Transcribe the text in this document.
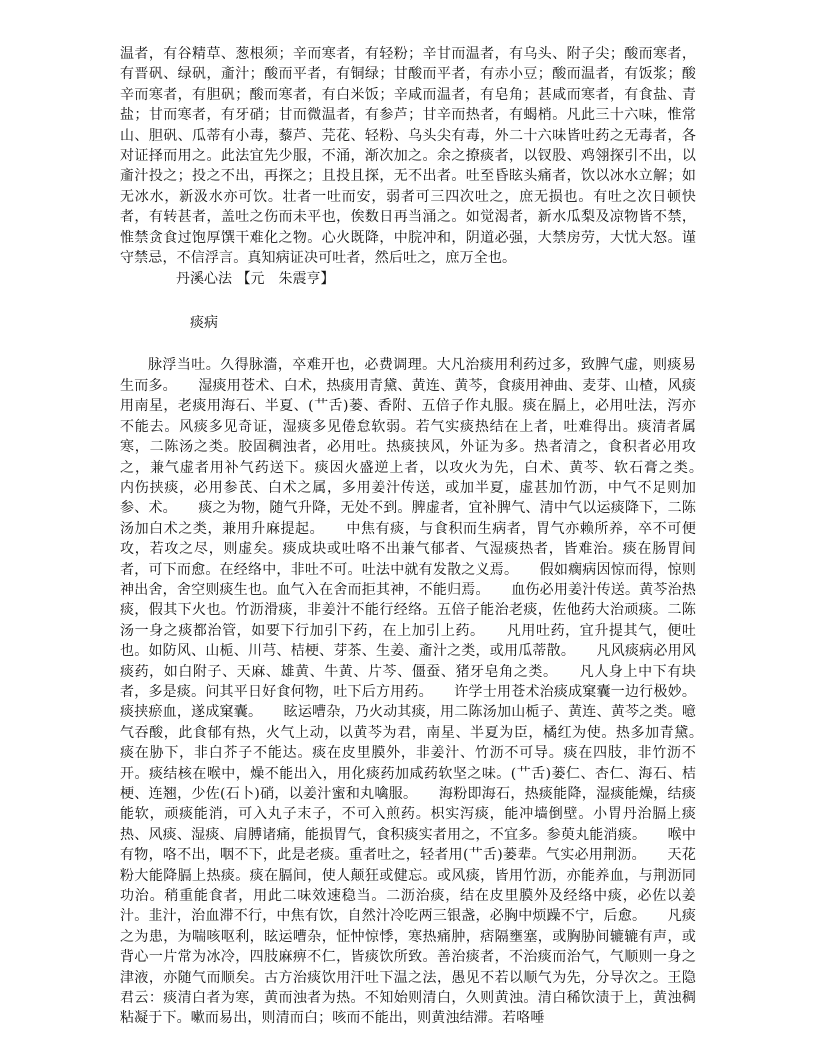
温者，有谷精草、葱根须；辛而寒者，有轻粉；辛甘而温者，有乌头、附子尖；酸而寒者，有晋矾、绿矾，齑汁；酸而平者，有铜绿；甘酸而平者，有赤小豆；酸而温者，有饭浆；酸辛而寒者，有胆矾；酸而寒者，有白米饭；辛咸而温者，有皂角；甚咸而寒者，有食盐、青盐；甘而寒者，有牙硝；甘而微温者，有参芦；甘辛而热者，有蝎梢。凡此三十六味，惟常山、胆矾、瓜蒂有小毒，藜芦、芫花、轻粉、乌头尖有毒，外二十六味皆吐药之无毒者，各对证择而用之。此法宜先少服，不涌，渐次加之。余之撩痰者，以钗股、鸡翎探引不出，以齑汁投之；投之不出，再探之；且投且探，无不出者。吐至昏眩头痛者，饮以冰水立解；如无冰水，新汲水亦可饮。壮者一吐而安，弱者可三四次吐之，庶无损也。有吐之次日顿快者，有转甚者，盖吐之伤而未平也，俟数日再当涌之。如觉渴者，新水瓜梨及凉物皆不禁，惟禁贪食过饱厚馔干难化之物。心火既降，中脘冲和，阴道必强，大禁房劳，大忧大怒。谨守禁忌，不信浮言。真知病证决可吐者，然后吐之，庶万全也。

丹溪心法 【元　朱震亨】

痰病

脉浮当吐。久得脉濇，卒难开也，必费调理。大凡治痰用利药过多，致脾气虚，则痰易生而多。　　湿痰用苍术、白术，热痰用青黛、黄连、黄芩，食痰用神曲、麦芽、山楂，风痰用南星，老痰用海石、半夏、(艹舌)蒌、香附、五倍子作丸服。痰在膈上，必用吐法，泻亦不能去。风痰多见奇证，湿痰多见倦怠软弱。若气实痰热结在上者，吐难得出。痰清者属寒，二陈汤之类。胶固稠浊者，必用吐。热痰挟风，外证为多。热者清之，食积者必用攻之，兼气虚者用补气药送下。痰因火盛逆上者，以攻火为先，白术、黄芩、软石膏之类。　　内伤挟痰，必用参芪、白术之属，多用姜汁传送，或加半夏，虚甚加竹沥，中气不足则加参、术。　　痰之为物，随气升降，无处不到。脾虚者，宜补脾气、清中气以运痰降下，二陈汤加白术之类，兼用升麻提起。　　中焦有痰，与食积而生病者，胃气亦赖所养，卒不可便攻，若攻之尽，则虚矣。痰成块或吐咯不出兼气郁者、气湿痰热者，皆难治。痰在肠胃间者，可下而愈。在经络中，非吐不可。吐法中就有发散之义焉。　　假如瘸病因惊而得，惊则神出舍，舍空则痰生也。血气入在舍而拒其神，不能归焉。　　血伤必用姜汁传送。黄芩治热痰，假其下火也。竹沥滑痰，非姜汁不能行经络。五倍子能治老痰，佐他药大治顽痰。二陈汤一身之痰都治管，如要下行加引下药，在上加引上药。　　凡用吐药，宜升提其气，便吐也。如防风、山栀、川芎、桔梗、芽茶、生姜、齑汁之类，或用瓜蒂散。　　凡风痰病必用风痰药，如白附子、天麻、雄黄、牛黄、片芩、僵蚕、猪牙皂角之类。　　凡人身上中下有块者，多是痰。问其平日好食何物，吐下后方用药。　　许学士用苍术治痰成窠囊一边行极妙。痰挟瘀血，遂成窠囊。　　眩运嘈杂，乃火动其痰，用二陈汤加山栀子、黄连、黄芩之类。噫气吞酸，此食郁有热，火气上动，以黄芩为君，南星、半夏为臣，橘红为使。热多加青黛。　　痰在胁下，非白芥子不能达。痰在皮里膜外，非姜汁、竹沥不可导。痰在四肢，非竹沥不开。痰结核在喉中，燥不能出入，用化痰药加咸药软坚之味。(艹舌)蒌仁、杏仁、海石、桔梗、连翘，少佐(石卜)硝，以姜汁蜜和丸噙服。　　海粉即海石，热痰能降，湿痰能燥，结痰能软，顽痰能消，可入丸子末子，不可入煎药。枳实泻痰，能冲墙倒壁。小胃丹治膈上痰热、风痰、湿痰、肩膊诸痛，能损胃气，食积痰实者用之，不宜多。参萸丸能消痰。　　喉中有物，咯不出，咽不下，此是老痰。重者吐之，轻者用(艹舌)蒌辈。气实必用荆沥。　　天花粉大能降膈上热痰。痰在膈间，使人颠狂或健忘。或风痰，皆用竹沥，亦能养血，与荆沥同功治。稍重能食者，用此二味效速稳当。二沥治痰，结在皮里膜外及经络中痰，必佐以姜汁。韭汁，治血滞不行，中焦有饮，自然汁冷吃两三银盏，必胸中烦躁不宁，后愈。　　凡痰之为患，为喘咳呕利，眩运嘈杂，怔忡惊悸，寒热痛肿，痞隔壅塞，或胸胁间辘辘有声，或背心一片常为冰冷，四肢麻痹不仁，皆痰饮所致。善治痰者，不治痰而治气，气顺则一身之津液，亦随气而顺矣。古方治痰饮用汗吐下温之法，愚见不若以顺气为先，分导次之。王隐君云：痰清白者为寒，黄而浊者为热。不知始则清白，久则黄浊。清白稀饮渍于上，黄浊稠粘凝于下。嗽而易出，则清而白；咳而不能出，则黄浊结滞。若咯唾
